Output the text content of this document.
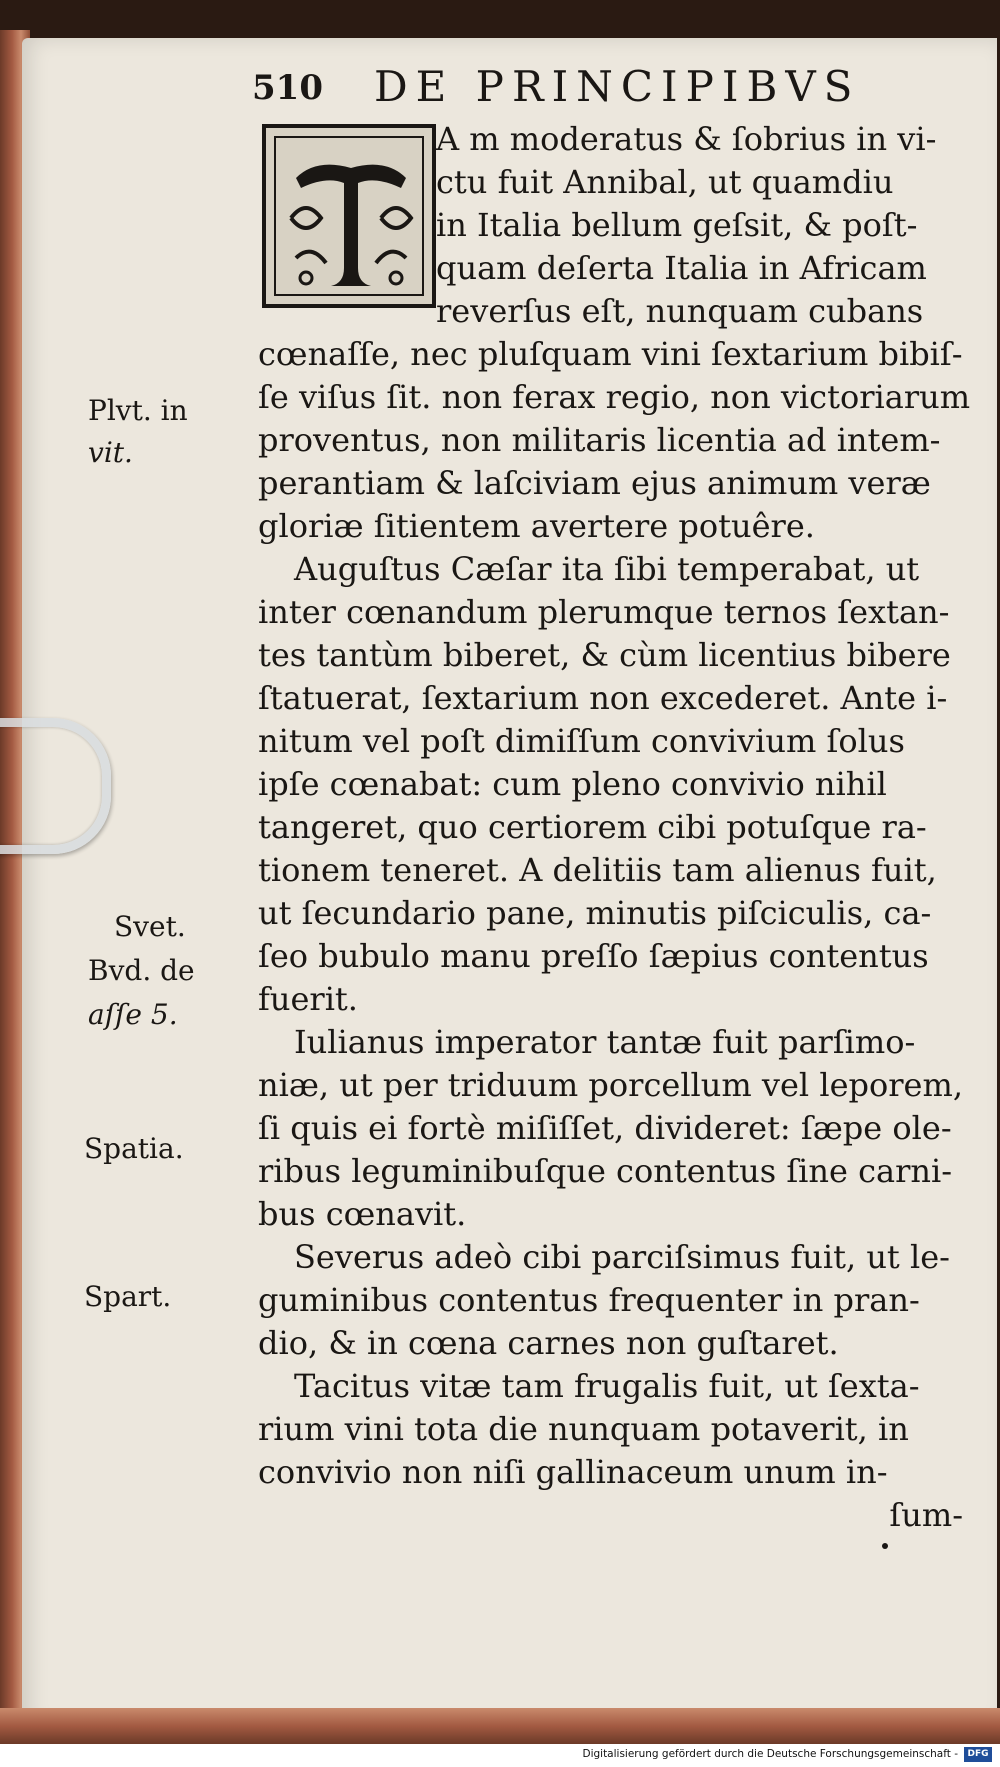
510 DE PRINCIPIBVS
A m moderatus & ſobrius in vi-
ctu fuit Annibal, ut quamdiu
in Italia bellum geſsit, & poſt-
quam deſerta Italia in Africam
reverſus eſt, nunquam cubans
cœnaſſe, nec pluſquam vini ſextarium bibiſ-
ſe viſus ſit. non ferax regio, non victoriarum
proventus, non militaris licentia ad intem-
perantiam & laſciviam ejus animum veræ
gloriæ ſitientem avertere potuêre.
Auguſtus Cæſar ita ſibi temperabat, ut
inter cœnandum plerumque ternos ſextan-
tes tantùm biberet, & cùm licentius bibere
ſtatuerat, ſextarium non excederet. Ante i-
nitum vel poſt dimiſſum convivium ſolus
ipſe cœnabat: cum pleno convivio nihil
tangeret, quo certiorem cibi potuſque ra-
tionem teneret. A delitiis tam alienus fuit,
ut ſecundario pane, minutis piſciculis, ca-
ſeo bubulo manu preſſo ſæpius contentus
fuerit.
Iulianus imperator tantæ fuit parſimo-
niæ, ut per triduum porcellum vel leporem,
ſi quis ei fortè miſiſſet, divideret: ſæpe ole-
ribus leguminibuſque contentus ſine carni-
bus cœnavit.
Severus adeò cibi parciſsimus fuit, ut le-
guminibus contentus frequenter in pran-
dio, & in cœna carnes non guſtaret.
Tacitus vitæ tam frugalis fuit, ut ſexta-
rium vini tota die nunquam potaverit, in
convivio non niſi gallinaceum unum in-
ſum-
Plvt. in
vit.
Svet.
Bvd. de
aſſe 5.
Spatia.
Spart.
Digitalisierung gefördert durch die Deutsche Forschungsgemeinschaft -	DFG
